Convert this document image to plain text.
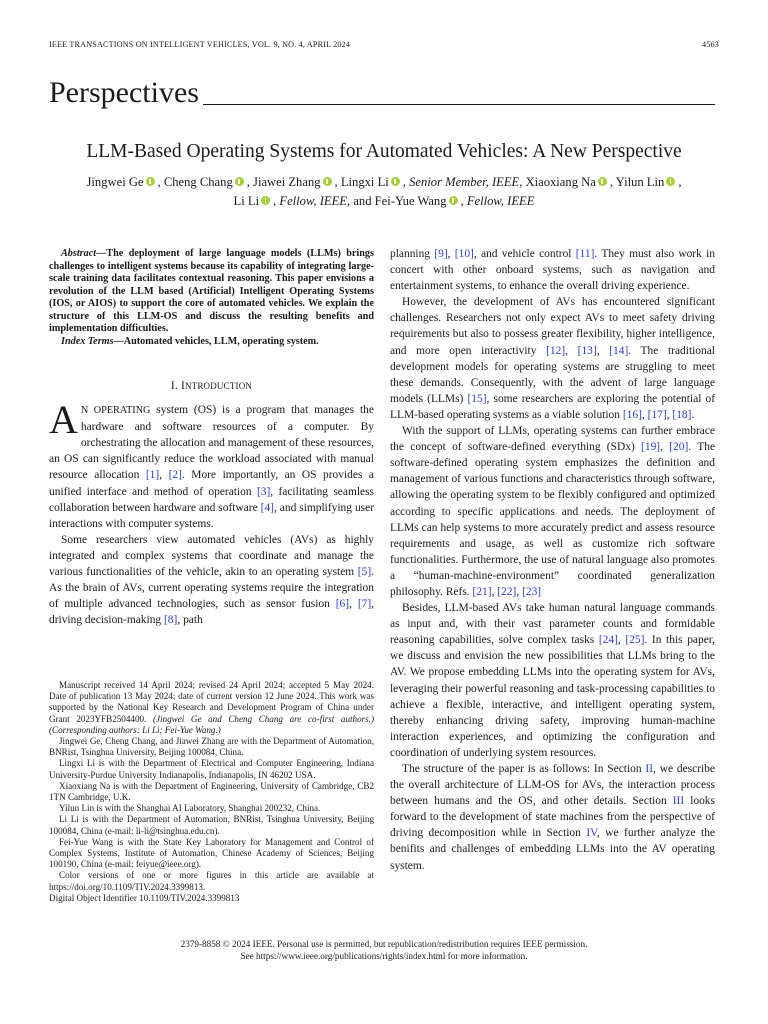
IEEE TRANSACTIONS ON INTELLIGENT VEHICLES, VOL. 9, NO. 4, APRIL 2024	4563
Perspectives
LLM-Based Operating Systems for Automated Vehicles: A New Perspective
Jingwei Ge , Cheng Chang , Jiawei Zhang , Lingxi Li , Senior Member, IEEE, Xiaoxiang Na , Yilun Lin ,
Li Li , Fellow, IEEE, and Fei-Yue Wang , Fellow, IEEE

Abstract—The deployment of large language models (LLMs) brings challenges to intelligent systems because its capability of integrating large-scale training data facilitates contextual reasoning. This paper envisions a revolution of the LLM based (Artificial) Intelligent Operating Systems (IOS, or AIOS) to support the core of automated vehicles. We explain the structure of this LLM-OS and discuss the resulting benefits and implementation difficulties.

Index Terms—Automated vehicles, LLM, operating system.

I. INTRODUCTION

A N OPERATING system (OS) is a program that manages the hardware and software resources of a computer. By orchestrating the allocation and management of these resources, an OS can significantly reduce the workload associated with manual resource allocation [1], [2]. More importantly, an OS provides a unified interface and method of operation [3], facilitating seamless collaboration between hardware and software [4], and simplifying user interactions with computer systems.

Some researchers view automated vehicles (AVs) as highly integrated and complex systems that coordinate and manage the various functionalities of the vehicle, akin to an operating system [5]. As the brain of AVs, current operating systems require the integration of multiple advanced technologies, such as sensor fusion [6], [7], driving decision-making [8], path

Manuscript received 14 April 2024; revised 24 April 2024; accepted 5 May 2024. Date of publication 13 May 2024; date of current version 12 June 2024. This work was supported by the National Key Research and Development Program of China under Grant 2023YFB2504400. (Jingwei Ge and Cheng Chang are co-first authors.) (Corresponding authors: Li Li; Fei-Yue Wang.)

Jingwei Ge, Cheng Chang, and Jiawei Zhang are with the Department of Automation, BNRist, Tsinghua University, Beijing 100084, China.

Lingxi Li is with the Department of Electrical and Computer Engineering, Indiana University-Purdue University Indianapolis, Indianapolis, IN 46202 USA.

Xiaoxiang Na is with the Department of Engineering, University of Cambridge, CB2 1TN Cambridge, U.K.

Yilun Lin is with the Shanghai AI Laboratory, Shanghai 200232, China.

Li Li is with the Department of Automation, BNRist, Tsinghua University, Beijing 100084, China (e-mail: li-li@tsinghua.edu.cn).

Fei-Yue Wang is with the State Key Laboratory for Management and Control of Complex Systems, Institute of Automation, Chinese Academy of Sciences, Beijing 100190, China (e-mail: feiyue@ieee.org).

Color versions of one or more figures in this article are available at https://doi.org/10.1109/TIV.2024.3399813.

Digital Object Identifier 10.1109/TIV.2024.3399813

planning [9], [10], and vehicle control [11]. They must also work in concert with other onboard systems, such as navigation and entertainment systems, to enhance the overall driving experience.

However, the development of AVs has encountered significant challenges. Researchers not only expect AVs to meet safety driving requirements but also to possess greater flexibility, higher intelligence, and more open interactivity [12], [13], [14]. The traditional development models for operating systems are struggling to meet these demands. Consequently, with the advent of large language models (LLMs) [15], some researchers are exploring the potential of LLM-based operating systems as a viable solution [16], [17], [18].

With the support of LLMs, operating systems can further embrace the concept of software-defined everything (SDx) [19], [20]. The software-defined operating system emphasizes the definition and management of various functions and characteristics through software, allowing the operating system to be flexibly configured and optimized according to specific applications and needs. The deployment of LLMs can help systems to more accurately predict and assess resource requirements and usage, as well as customize rich software functionalities. Furthermore, the use of natural language also promotes a “human-machine-environment” coordinated generalization philosophy. Refs. [21], [22], [23]

Besides, LLM-based AVs take human natural language commands as input and, with their vast parameter counts and formidable reasoning capabilities, solve complex tasks [24], [25]. In this paper, we discuss and envision the new possibilities that LLMs bring to the AV. We propose embedding LLMs into the operating system for AVs, leveraging their powerful reasoning and task-processing capabilities to achieve a flexible, interactive, and intelligent operating system, thereby enhancing driving safety, improving human-machine interaction experiences, and optimizing the configuration and coordination of underlying system resources.

The structure of the paper is as follows: In Section II, we describe the overall architecture of LLM-OS for AVs, the interaction process between humans and the OS, and other details. Section III looks forward to the development of state machines from the perspective of driving decomposition while in Section IV, we further analyze the benifits and challenges of embedding LLMs into the AV operating system.

2379-8858 © 2024 IEEE. Personal use is permitted, but republication/redistribution requires IEEE permission.
See https://www.ieee.org/publications/rights/index.html for more information.
